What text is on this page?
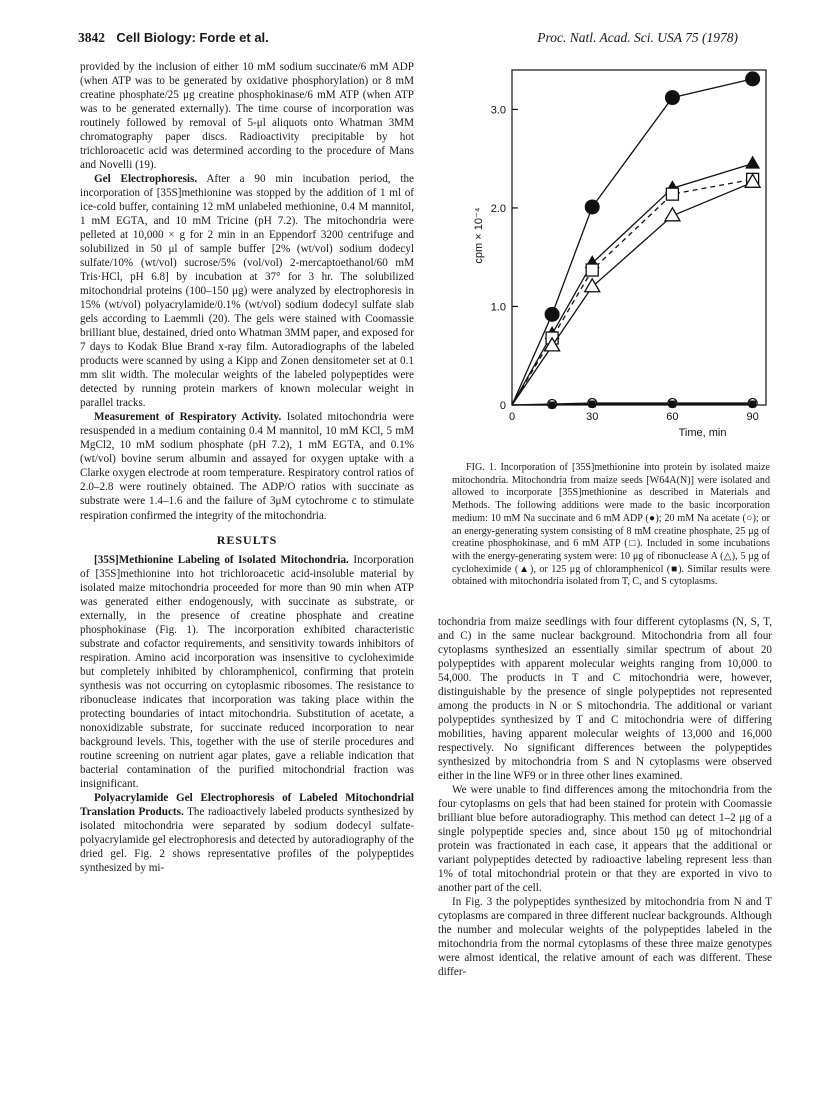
3842 Cell Biology: Forde et al.	Proc. Natl. Acad. Sci. USA 75 (1978)

provided by the inclusion of either 10 mM sodium succinate/6 mM ADP (when ATP was to be generated by oxidative phosphorylation) or 8 mM creatine phosphate/25 μg creatine phosphokinase/6 mM ATP (when ATP was to be generated externally). The time course of incorporation was routinely followed by removal of 5-μl aliquots onto Whatman 3MM chromatography paper discs. Radioactivity precipitable by hot trichloroacetic acid was determined according to the procedure of Mans and Novelli (19).

Gel Electrophoresis. After a 90 min incubation period, the incorporation of [35S]methionine was stopped by the addition of 1 ml of ice-cold buffer, containing 12 mM unlabeled methionine, 0.4 M mannitol, 1 mM EGTA, and 10 mM Tricine (pH 7.2). The mitochondria were pelleted at 10,000 × g for 2 min in an Eppendorf 3200 centrifuge and solubilized in 50 μl of sample buffer [2% (wt/vol) sodium dodecyl sulfate/10% (wt/vol) sucrose/5% (vol/vol) 2-mercaptoethanol/60 mM Tris·HCl, pH 6.8] by incubation at 37° for 3 hr. The solubilized mitochondrial proteins (100–150 μg) were analyzed by electrophoresis in 15% (wt/vol) polyacrylamide/0.1% (wt/vol) sodium dodecyl sulfate slab gels according to Laemmli (20). The gels were stained with Coomassie brilliant blue, destained, dried onto Whatman 3MM paper, and exposed for 7 days to Kodak Blue Brand x-ray film. Autoradiographs of the labeled products were scanned by using a Kipp and Zonen densitometer set at 0.1 mm slit width. The molecular weights of the labeled polypeptides were detected by running protein markers of known molecular weight in parallel tracks.

Measurement of Respiratory Activity. Isolated mitochondria were resuspended in a medium containing 0.4 M mannitol, 10 mM KCl, 5 mM MgCl2, 10 mM sodium phosphate (pH 7.2), 1 mM EGTA, and 0.1% (wt/vol) bovine serum albumin and assayed for oxygen uptake with a Clarke oxygen electrode at room temperature. Respiratory control ratios of 2.0–2.8 were routinely obtained. The ADP/O ratios with succinate as substrate were 1.4–1.6 and the failure of 3μM cytochrome c to stimulate respiration confirmed the integrity of the mitochondria.

RESULTS

[35S]Methionine Labeling of Isolated Mitochondria. Incorporation of [35S]methionine into hot trichloroacetic acid-insoluble material by isolated maize mitochondria proceeded for more than 90 min when ATP was generated either endogenously, with succinate as substrate, or externally, in the presence of creatine phosphate and creatine phosphokinase (Fig. 1). The incorporation exhibited characteristic substrate and cofactor requirements, and sensitivity towards inhibitors of respiration. Amino acid incorporation was insensitive to cycloheximide but completely inhibited by chloramphenicol, confirming that protein synthesis was not occurring on cytoplasmic ribosomes. The resistance to ribonuclease indicates that incorporation was taking place within the protecting boundaries of intact mitochondria. Substitution of acetate, a nonoxidizable substrate, for succinate reduced incorporation to near background levels. This, together with the use of sterile procedures and routine screening on nutrient agar plates, gave a reliable indication that bacterial contamination of the purified mitochondrial fraction was insignificant.

Polyacrylamide Gel Electrophoresis of Labeled Mitochondrial Translation Products. The radioactively labeled products synthesized by isolated mitochondria were separated by sodium dodecyl sulfate-polyacrylamide gel electrophoresis and detected by autoradiography of the dried gel. Fig. 2 shows representative profiles of the polypeptides synthesized by mi-

0
1.0
2.0
3.0
0	30	60	90
Time, min
cpm × 10⁻⁴

FIG. 1. Incorporation of [35S]methionine into protein by isolated maize mitochondria. Mitochondria from maize seeds [W64A(N)] were isolated and allowed to incorporate [35S]methionine as described in Materials and Methods. The following additions were made to the basic incorporation medium: 10 mM Na succinate and 6 mM ADP (●); 20 mM Na acetate (○); or an energy-generating system consisting of 8 mM creatine phosphate, 25 μg of creatine phosphokinase, and 6 mM ATP (□). Included in some incubations with the energy-generating system were: 10 μg of ribonuclease A (△), 5 μg of cycloheximide (▲), or 125 μg of chloramphenicol (■). Similar results were obtained with mitochondria isolated from T, C, and S cytoplasms.

tochondria from maize seedlings with four different cytoplasms (N, S, T, and C) in the same nuclear background. Mitochondria from all four cytoplasms synthesized an essentially similar spectrum of about 20 polypeptides with apparent molecular weights ranging from 10,000 to 54,000. The products in T and C mitochondria were, however, distinguishable by the presence of single polypeptides not represented among the products in N or S mitochondria. The additional or variant polypeptides synthesized by T and C mitochondria were of differing mobilities, having apparent molecular weights of 13,000 and 16,000 respectively. No significant differences between the polypeptides synthesized by mitochondria from S and N cytoplasms were observed either in the line WF9 or in three other lines examined.

We were unable to find differences among the mitochondria from the four cytoplasms on gels that had been stained for protein with Coomassie brilliant blue before autoradiography. This method can detect 1–2 μg of a single polypeptide species and, since about 150 μg of mitochondrial protein was fractionated in each case, it appears that the additional or variant polypeptides detected by radioactive labeling represent less than 1% of total mitochondrial protein or that they are exported in vivo to another part of the cell.

In Fig. 3 the polypeptides synthesized by mitochondria from N and T cytoplasms are compared in three different nuclear backgrounds. Although the number and molecular weights of the polypeptides labeled in the mitochondria from the normal cytoplasms of these three maize genotypes were almost identical, the relative amount of each was different. These differ-
